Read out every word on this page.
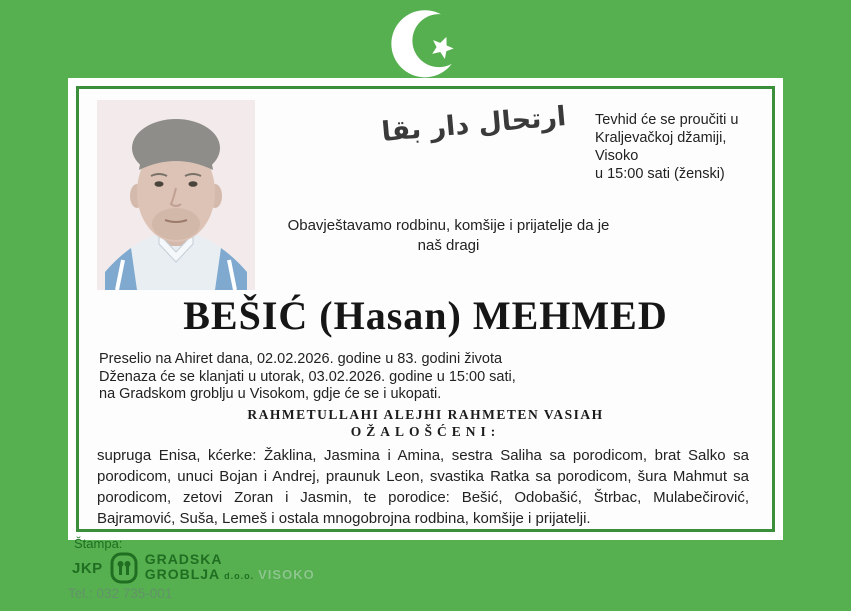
ارتحال دار بقا Tevhid će se proučiti u
Kraljevačkoj džamiji, Visoko
u 15:00 sati (ženski)
Obavještavamo rodbinu, komšije i prijatelje da je
naš dragi
BEŠIĆ (Hasan) MEHMED
Preselio na Ahiret dana, 02.02.2026. godine u 83. godini života
Dženaza će se klanjati u utorak, 03.02.2026. godine u 15:00 sati,
na Gradskom groblju u Visokom, gdje će se i ukopati.
RAHMETULLAHI ALEJHI RAHMETEN VASIAH
OŽALOŠĆENI:
supruga Enisa, kćerke: Žaklina, Jasmina i Amina, sestra Saliha sa porodicom, brat Salko sa porodicom, unuci Bojan i Andrej, praunuk Leon, svastika Ratka sa porodicom, šura Mahmut sa porodicom, zetovi Zoran i Jasmin, te porodice: Bešić, Odobašić, Štrbac, Mulabečirović, Bajramović, Suša, Lemeš i ostala mnogobrojna rodbina, komšije i prijatelji.
Štampa:
JKP
GRADSKA
GROBLJA d.o.o. VISOKO
Tel.: 032 735-001
